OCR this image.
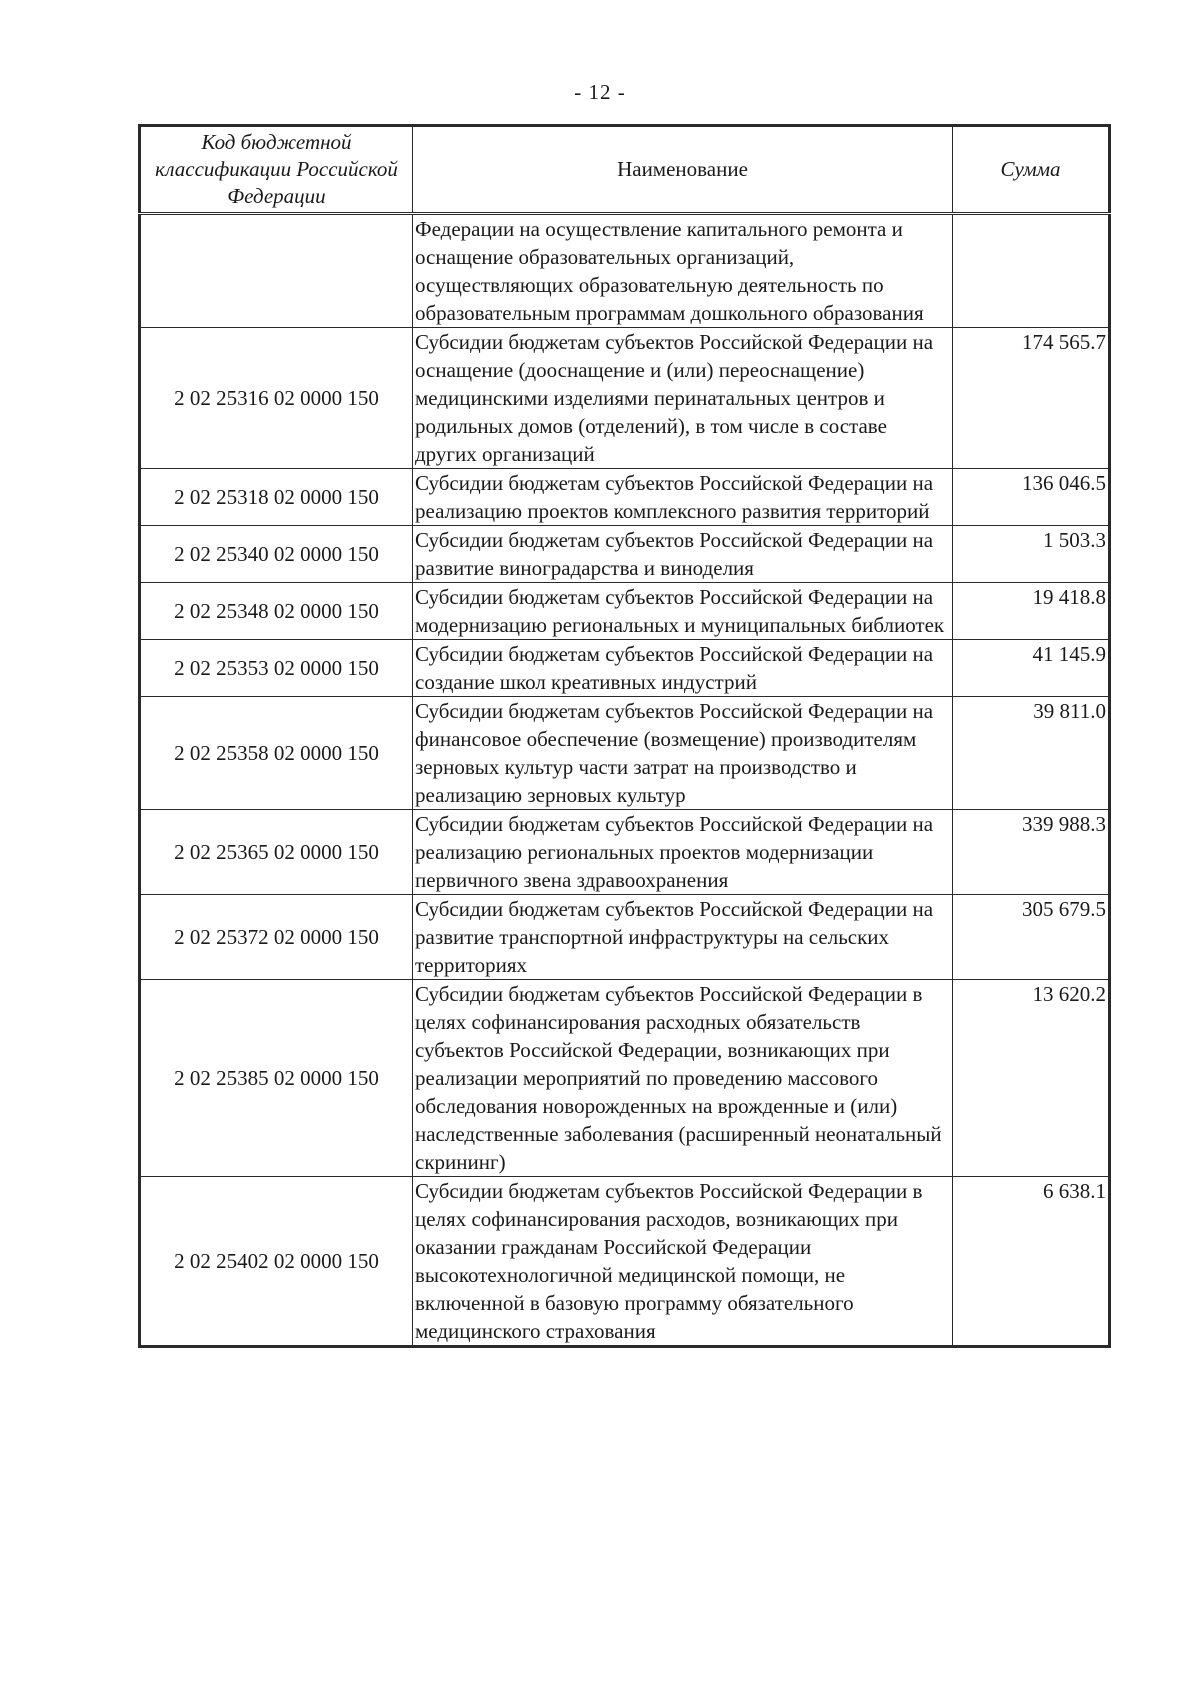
- 12 -
Код бюджетной классификации Российской Федерации	Наименование	Сумма
	Федерации на осуществление капитального ремонта и оснащение образовательных организаций, осуществляющих образовательную деятельность по образовательным программам дошкольного образования	
2 02 25316 02 0000 150	Субсидии бюджетам субъектов Российской Федерации на оснащение (дооснащение и (или) переоснащение) медицинскими изделиями перинатальных центров и родильных домов (отделений), в том числе в составе других организаций	174 565.7
2 02 25318 02 0000 150	Субсидии бюджетам субъектов Российской Федерации на реализацию проектов комплексного развития территорий	136 046.5
2 02 25340 02 0000 150	Субсидии бюджетам субъектов Российской Федерации на развитие виноградарства и виноделия	1 503.3
2 02 25348 02 0000 150	Субсидии бюджетам субъектов Российской Федерации на модернизацию региональных и муниципальных библиотек	19 418.8
2 02 25353 02 0000 150	Субсидии бюджетам субъектов Российской Федерации на создание школ креативных индустрий	41 145.9
2 02 25358 02 0000 150	Субсидии бюджетам субъектов Российской Федерации на финансовое обеспечение (возмещение) производителям зерновых культур части затрат на производство и реализацию зерновых культур	39 811.0
2 02 25365 02 0000 150	Субсидии бюджетам субъектов Российской Федерации на реализацию региональных проектов модернизации первичного звена здравоохранения	339 988.3
2 02 25372 02 0000 150	Субсидии бюджетам субъектов Российской Федерации на развитие транспортной инфраструктуры на сельских территориях	305 679.5
2 02 25385 02 0000 150	Субсидии бюджетам субъектов Российской Федерации в целях софинансирования расходных обязательств субъектов Российской Федерации, возникающих при реализации мероприятий по проведению массового обследования новорожденных на врожденные и (или) наследственные заболевания (расширенный неонатальный скрининг)	13 620.2
2 02 25402 02 0000 150	Субсидии бюджетам субъектов Российской Федерации в целях софинансирования расходов, возникающих при оказании гражданам Российской Федерации высокотехнологичной медицинской помощи, не включенной в базовую программу обязательного медицинского страхования	6 638.1
